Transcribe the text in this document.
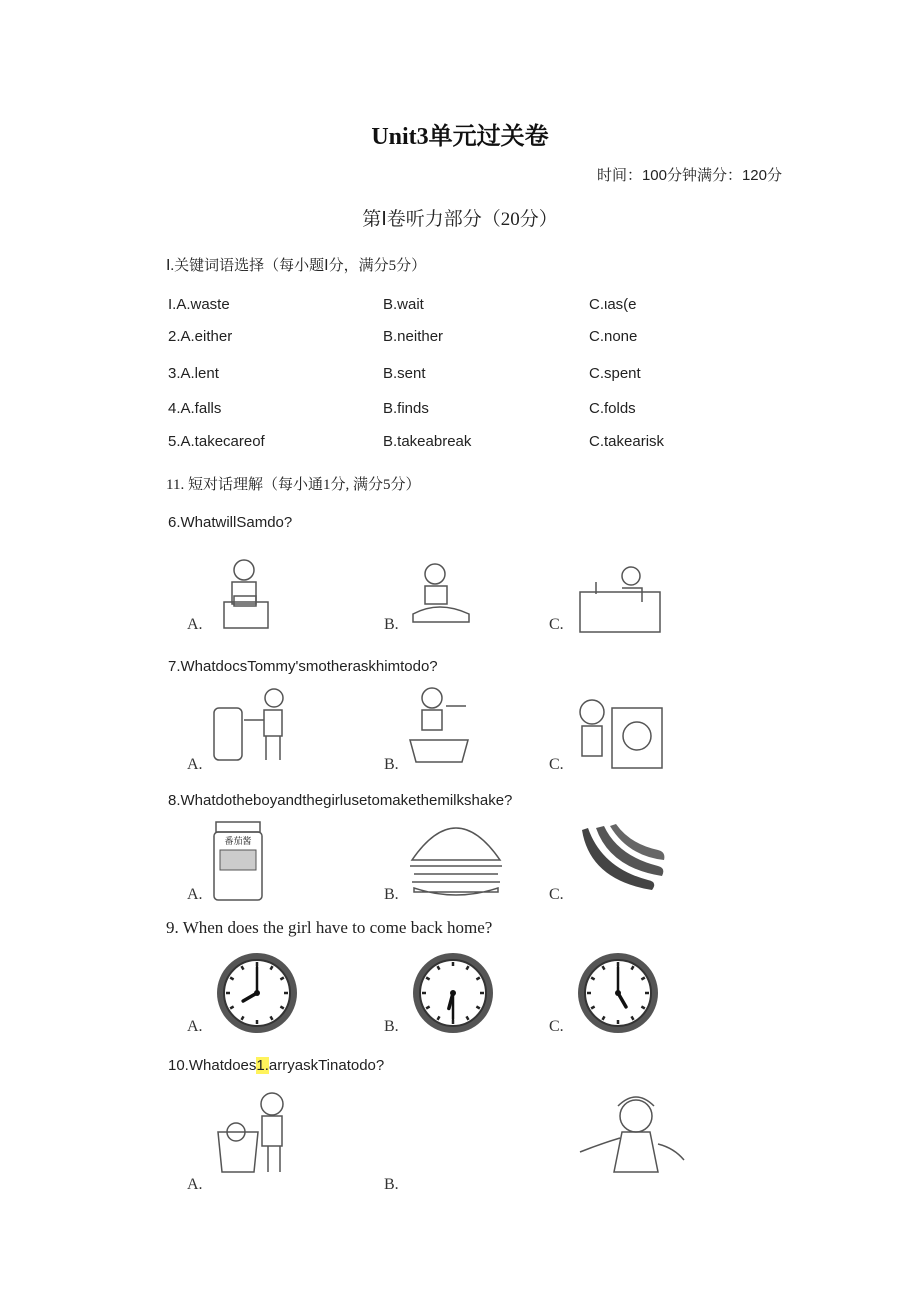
Unit3单元过关卷
时间：100分钟满分：120分
第Ⅰ卷听力部分（20分）
Ⅰ.关键词语选择（每小题Ⅰ分，满分5分）
I.A.waste	B.wait	C.ιas(e
2.A.either	B.neither	C.none
3.A.lent	B.sent	C.spent
4.A.falls	B.finds	C.folds
5.A.takecareof	B.takeabreak	C.takearisk
11. 短对话理解（每小通1分, 满分5分）
6.WhatwillSamdo?
A.	B.	C.
7.WhatdocsTommy'smotheraskhimtodo?
A.	B.	C.
8.Whatdotheboyandthegirlusetomakethemilkshake?
番茄酱
A.	B.	C.
9. When does the girl have to come back home?
A.	B.	C.
10.Whatdoes1.arryaskTinatodo?
A.	B.
